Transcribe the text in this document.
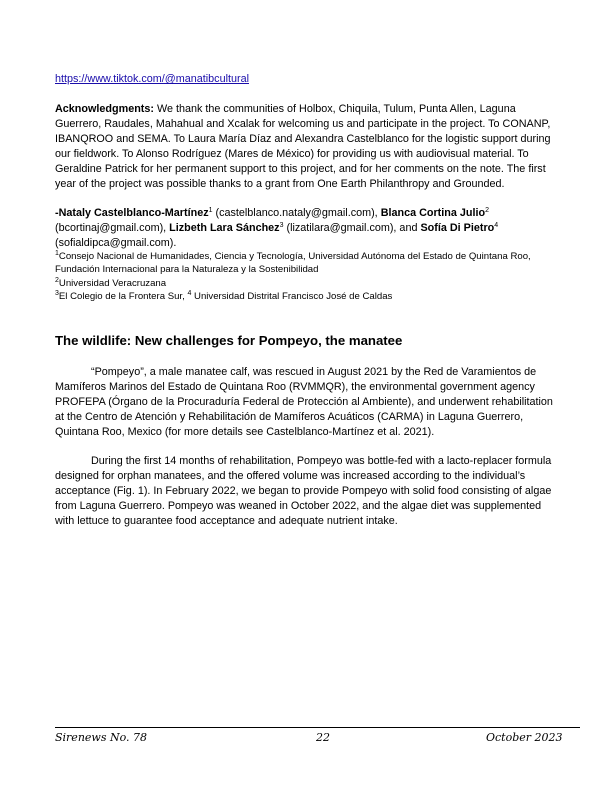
https://www.tiktok.com/@manatibcultural
Acknowledgments: We thank the communities of Holbox, Chiquila, Tulum, Punta Allen, Laguna Guerrero, Raudales, Mahahual and Xcalak for welcoming us and participate in the project. To CONANP, IBANQROO and SEMA. To Laura María Díaz and Alexandra Castelblanco for the logistic support during our fieldwork. To Alonso Rodríguez (Mares de México) for providing us with audiovisual material. To Geraldine Patrick for her permanent support to this project, and for her comments on the note. The first year of the project was possible thanks to a grant from One Earth Philanthropy and Grounded.
-Nataly Castelblanco-Martínez$^1$ (castelblanco.nataly@gmail.com), Blanca Cortina Julio$^2$ (bcortinaj@gmail.com), Lizbeth Lara Sánchez$^3$ (lizatilara@gmail.com), and Sofía Di Pietro$^4$ (sofialdipca@gmail.com).
$^1$Consejo Nacional de Humanidades, Ciencia y Tecnología, Universidad Autónoma del Estado de Quintana Roo, Fundación Internacional para la Naturaleza y la Sostenibilidad
$^2$Universidad Veracruzana
$^3$El Colegio de la Frontera Sur, $^4$ Universidad Distrital Francisco José de Caldas
The wildlife: New challenges for Pompeyo, the manatee
“Pompeyo”, a male manatee calf, was rescued in August 2021 by the Red de Varamientos de Mamíferos Marinos del Estado de Quintana Roo (RVMMQR), the environmental government agency PROFEPA (Órgano de la Procuraduría Federal de Protección al Ambiente), and underwent rehabilitation at the Centro de Atención y Rehabilitación de Mamíferos Acuáticos (CARMA) in Laguna Guerrero, Quintana Roo, Mexico (for more details see Castelblanco-Martínez et al. 2021).
During the first 14 months of rehabilitation, Pompeyo was bottle-fed with a lacto-replacer formula designed for orphan manatees, and the offered volume was increased according to the individual’s acceptance (Fig. 1). In February 2022, we began to provide Pompeyo with solid food consisting of algae from Laguna Guerrero. Pompeyo was weaned in October 2022, and the algae diet was supplemented with lettuce to guarantee food acceptance and adequate nutrient intake.
Sirenews No. 78	22	October 2023
